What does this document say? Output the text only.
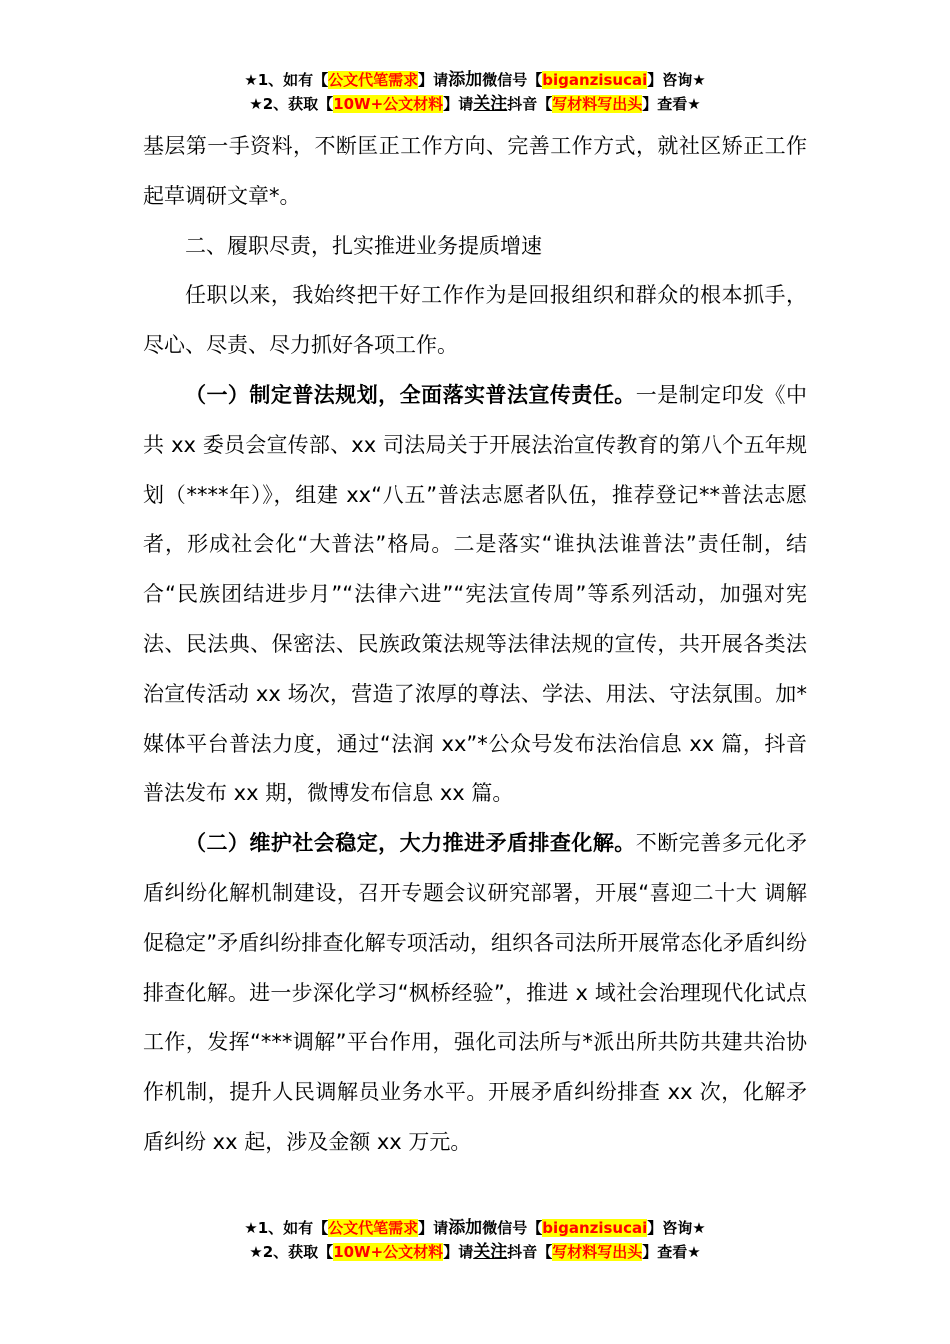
★1、如有【公文代笔需求】请添加微信号【biganzisucai】咨询★
★2、获取【10W+公文材料】请关注抖音【写材料写出头】查看★

基层第一手资料，不断匡正工作方向、完善工作方式，就社区矫正工作起草调研文章*。

二、履职尽责，扎实推进业务提质增速

任职以来，我始终把干好工作作为是回报组织和群众的根本抓手，尽心、尽责、尽力抓好各项工作。

（一）制定普法规划，全面落实普法宣传责任。一是制定印发《中共 xx 委员会宣传部、xx 司法局关于开展法治宣传教育的第八个五年规划（****年）》，组建 xx“八五”普法志愿者队伍，推荐登记**普法志愿者，形成社会化“大普法”格局。二是落实“谁执法谁普法”责任制，结合“民族团结进步月”“法律六进”“宪法宣传周”等系列活动，加强对宪法、民法典、保密法、民族政策法规等法律法规的宣传，共开展各类法治宣传活动 xx 场次，营造了浓厚的尊法、学法、用法、守法氛围。加*媒体平台普法力度，通过“法润 xx”*公众号发布法治信息 xx 篇，抖音普法发布 xx 期，微博发布信息 xx 篇。

（二）维护社会稳定，大力推进矛盾排查化解。不断完善多元化矛盾纠纷化解机制建设，召开专题会议研究部署，开展“喜迎二十大 调解促稳定”矛盾纠纷排查化解专项活动，组织各司法所开展常态化矛盾纠纷排查化解。进一步深化学习“枫桥经验”，推进 x 域社会治理现代化试点工作，发挥“***调解”平台作用，强化司法所与*派出所共防共建共治协作机制，提升人民调解员业务水平。开展矛盾纠纷排查 xx 次，化解矛盾纠纷 xx 起，涉及金额 xx 万元。

★1、如有【公文代笔需求】请添加微信号【biganzisucai】咨询★
★2、获取【10W+公文材料】请关注抖音【写材料写出头】查看★
